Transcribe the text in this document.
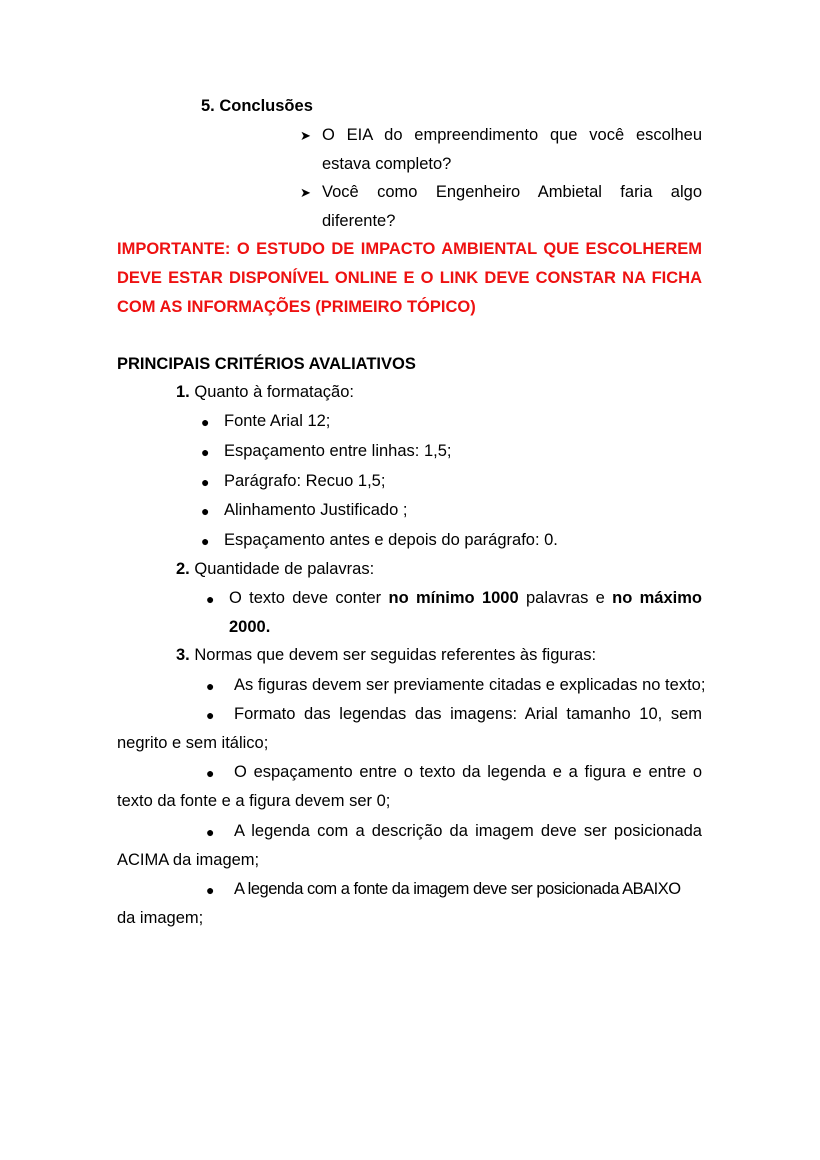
5. Conclusões

➤ O EIA do empreendimento que você escolheu

estava completo?

➤ Você como Engenheiro Ambietal faria algo

diferente?

IMPORTANTE: O ESTUDO DE IMPACTO AMBIENTAL QUE ESCOLHEREM

DEVE ESTAR DISPONÍVEL ONLINE E O LINK DEVE CONSTAR NA FICHA

COM AS INFORMAÇÕES (PRIMEIRO TÓPICO)

PRINCIPAIS CRITÉRIOS AVALIATIVOS

1. Quanto à formatação:

● Fonte Arial 12;

● Espaçamento entre linhas: 1,5;

● Parágrafo: Recuo 1,5;

● Alinhamento Justificado ;

● Espaçamento antes e depois do parágrafo: 0.

2. Quantidade de palavras:

● O texto deve conter no mínimo 1000 palavras e no máximo

2000.

3. Normas que devem ser seguidas referentes às figuras:

● As figuras devem ser previamente citadas e explicadas no texto;

● Formato das legendas das imagens: Arial tamanho 10, sem

negrito e sem itálico;

● O espaçamento entre o texto da legenda e a figura e entre o

texto da fonte e a figura devem ser 0;

● A legenda com a descrição da imagem deve ser posicionada

ACIMA da imagem;

● A legenda com a fonte da imagem deve ser posicionada ABAIXO

da imagem;
